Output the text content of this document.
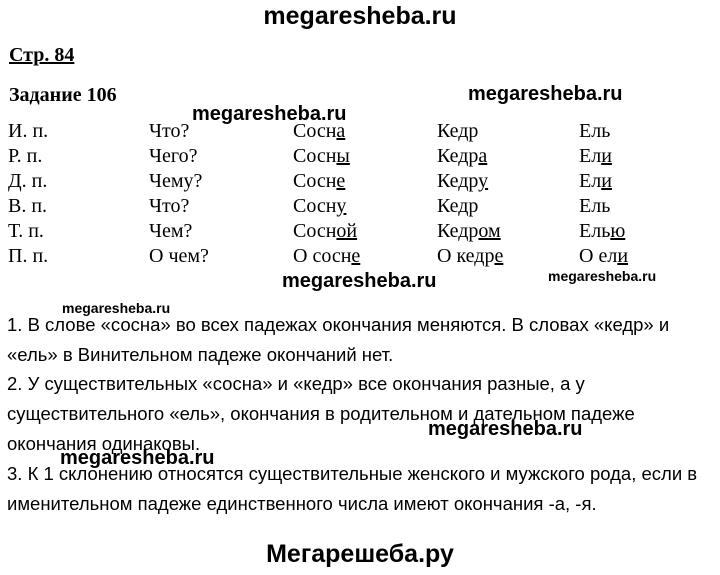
megaresheba.ru
Стр. 84
Задание 106
megaresheba.ru
megaresheba.ru
И. п.	Что?	Сосна	Кедр	Ель
Р. п.	Чего?	Сосны	Кедра	Ели
Д. п.	Чему?	Сосне	Кедру	Ели
В. п.	Что?	Сосну	Кедр	Ель
Т. п.	Чем?	Сосной	Кедром	Елью
П. п.	О чем?	О сосне	О кедре	О ели
megaresheba.ru	megaresheba.ru
megaresheba.ru
1. В слове «сосна» во всех падежах окончания меняются. В словах «кедр» и «ель» в Винительном падеже окончаний нет.
2. У существительных «сосна» и «кедр» все окончания разные, а у существительного «ель», окончания в родительном и дательном падеже окончания одинаковы.
megaresheba.ru
megaresheba.ru
3. К 1 склонению относятся существительные женского и мужского рода, если в именительном падеже единственного числа имеют окончания -а, -я.
Мегарешеба.ру
